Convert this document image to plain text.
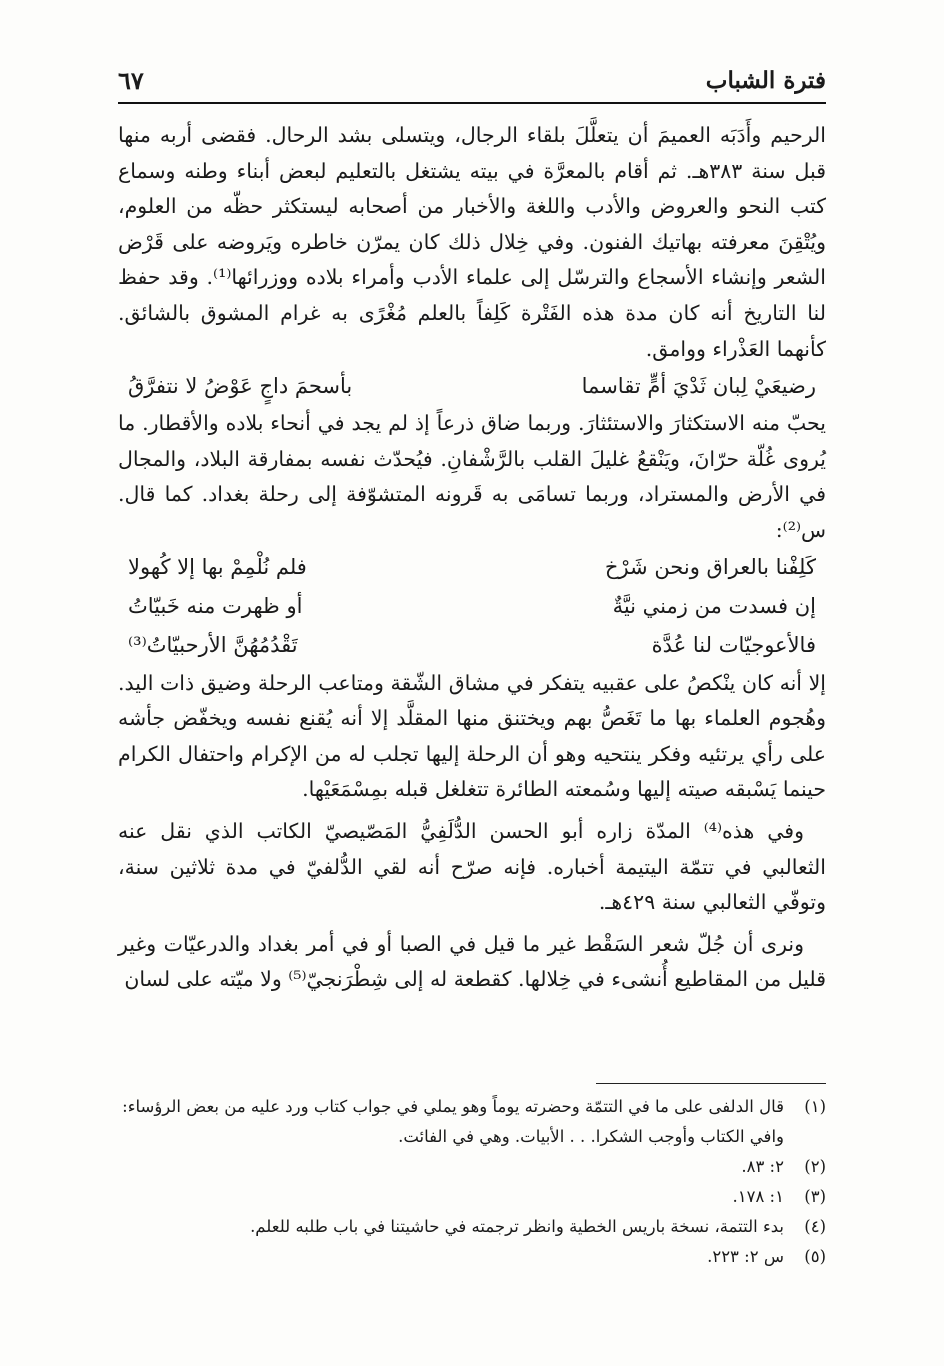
٦٧	فترة الشباب

الرحيم وأَدَبَه العميمَ أن يتعلَّلَ بلقاء الرجال، ويتسلى بشد الرحال. فقضى أربه منها قبل سنة ٣٨٣هـ. ثم أقام بالمعرَّة في بيته يشتغل بالتعليم لبعض أبناء وطنه وسماع كتب النحو والعروض والأدب واللغة والأخبار من أصحابه ليستكثر حظّه من العلوم، ويُتْقِنَ معرفته بهاتيك الفنون. وفي خِلال ذلك كان يمرّن خاطره ويَروضه على قَرْض الشعر وإنشاء الأسجاع والترسّل إلى علماء الأدب وأمراء بلاده ووزرائها⁽¹⁾. وقد حفظ لنا التاريخ أنه كان مدة هذه الفَتْرة كَلِفاً بالعلم مُغْرًى به غرام المشوق بالشائق. كأنهما العَذْراء ووامق.

رضيعَيْ لِبان ثَدْيَ أمٍّ تقاسما
بأسحمَ داجٍ عَوْضُ لا نتفرَّقُ

يحبّ منه الاستكثارَ والاستئثارَ. وربما ضاق ذرعاً إذ لم يجد في أنحاء بلاده والأقطار. ما يُروى غُلّة حرّانَ، ويَنْقعُ غليلَ القلب بالرَّشْفانِ. فيُحدّث نفسه بمفارقة البلاد، والمجال في الأرض والمستراد، وربما تسامَى به قَرونه المتشوّفة إلى رحلة بغداد. كما قال. س⁽²⁾:

كَلِفْنا بالعراق ونحن شَرْخ
فلم نُلْمِمْ بها إلا كُهولا
إن فسدت من زمني نيَّةٌ
أو ظهرت منه خَبيّاتُ
فالأعوجيّات لنا عُدَّة
تَقْدُمُهُنَّ الأرحبيّاتُ⁽³⁾

إلا أنه كان ينْكصُ على عقبيه يتفكر في مشاق الشّقة ومتاعب الرحلة وضيق ذات اليد. وهُجوم العلماء بها ما تَغَصُّ بهم ويختنق منها المقلَّد إلا أنه يُقنع نفسه ويخفّض جأشه على رأي يرتئيه وفكر ينتحيه وهو أن الرحلة إليها تجلب له من الإكرام واحتفال الكرام حينما يَسْبقه صيته إليها وسُمعته الطائرة تتغلغل قبله بمِسْمَعَيْها.

وفي هذه⁽⁴⁾ المدّة زاره أبو الحسن الدُّلَفِيُّ المَصّيصيّ الكاتب الذي نقل عنه الثعالبي في تتمّة اليتيمة أخباره. فإنه صرّح أنه لقي الدُّلفيّ في مدة ثلاثين سنة، وتوفّي الثعالبي سنة ٤٢٩هـ.

ونرى أن جُلّ شعر السَقْط غير ما قيل في الصبا أو في أمر بغداد والدرعيّات وغير قليل من المقاطيع أُنشىء في خِلالها. كقطعة له إلى شِطْرَنجيّ⁽⁵⁾ ولا ميّته على لسان

(١)
قال الدلفى على ما في التتمّة وحضرته يوماً وهو يملي في جواب كتاب ورد عليه من بعض الرؤساء: وافي الكتاب وأوجب الشكرا. . . الأبيات. وهي في الفائت.
(٢)
٢: ٨٣.
(٣)
١: ١٧٨.
(٤)
بدء التتمة، نسخة باريس الخطية وانظر ترجمته في حاشيتنا في باب طلبه للعلم.
(٥)
س ٢: ٢٢٣.
